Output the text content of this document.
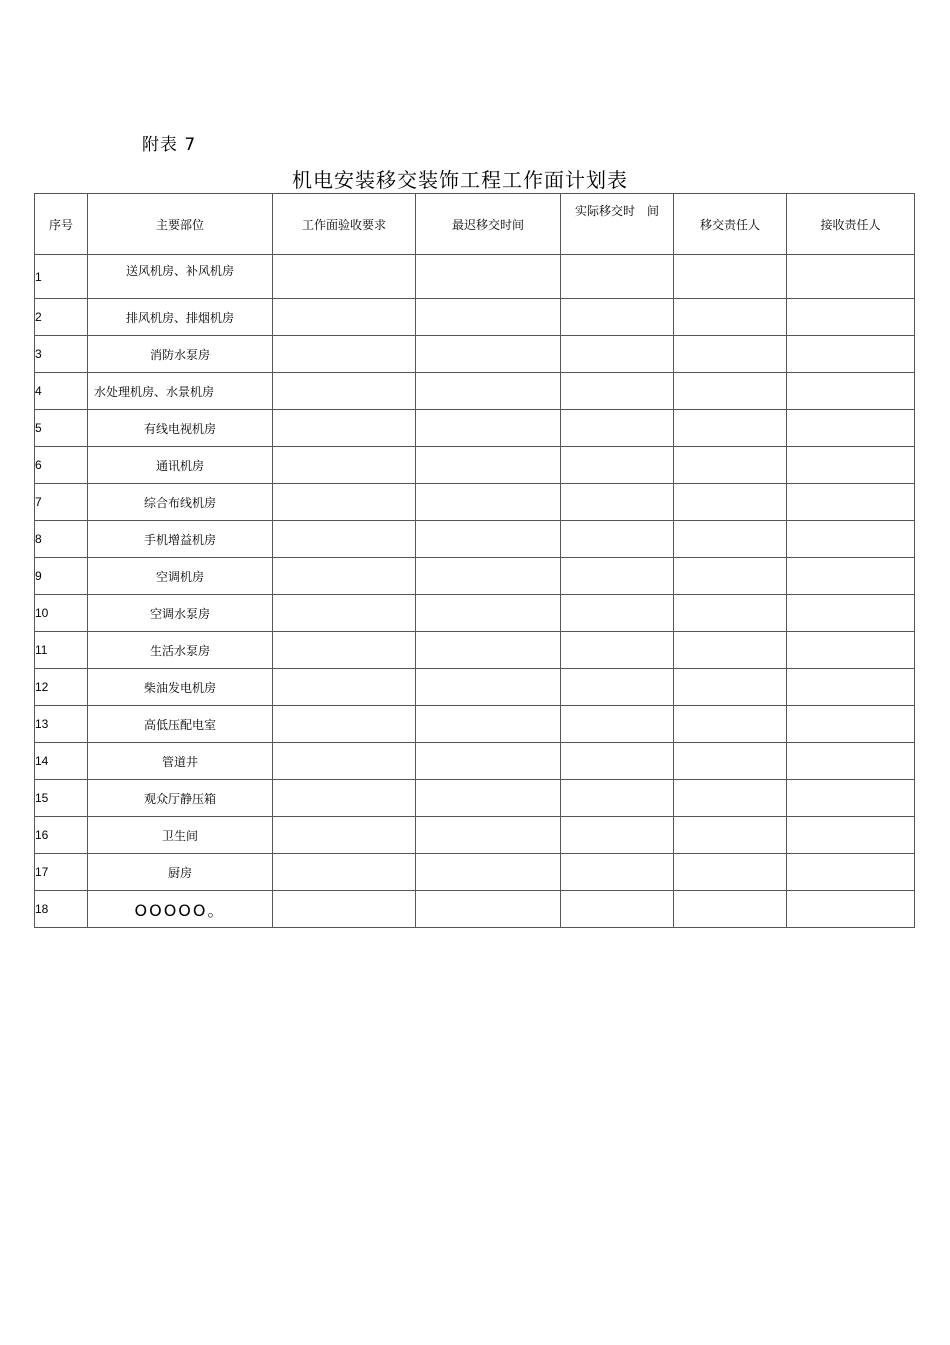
附表 7
机电安装移交装饰工程工作面计划表
序号	主要部位	工作面验收要求	最迟移交时间	实际移交时　间	移交责任人	接收责任人
1	送风机房、补风机房					
2	排风机房、排烟机房					
3	消防水泵房					
4	水处理机房、水景机房					
5	有线电视机房					
6	通讯机房					
7	综合布线机房					
8	手机增益机房					
9	空调机房					
10	空调水泵房					
11	生活水泵房					
12	柴油发电机房					
13	高低压配电室					
14	管道井					
15	观众厅静压箱					
16	卫生间					
17	厨房					
18	OOOOO。					
